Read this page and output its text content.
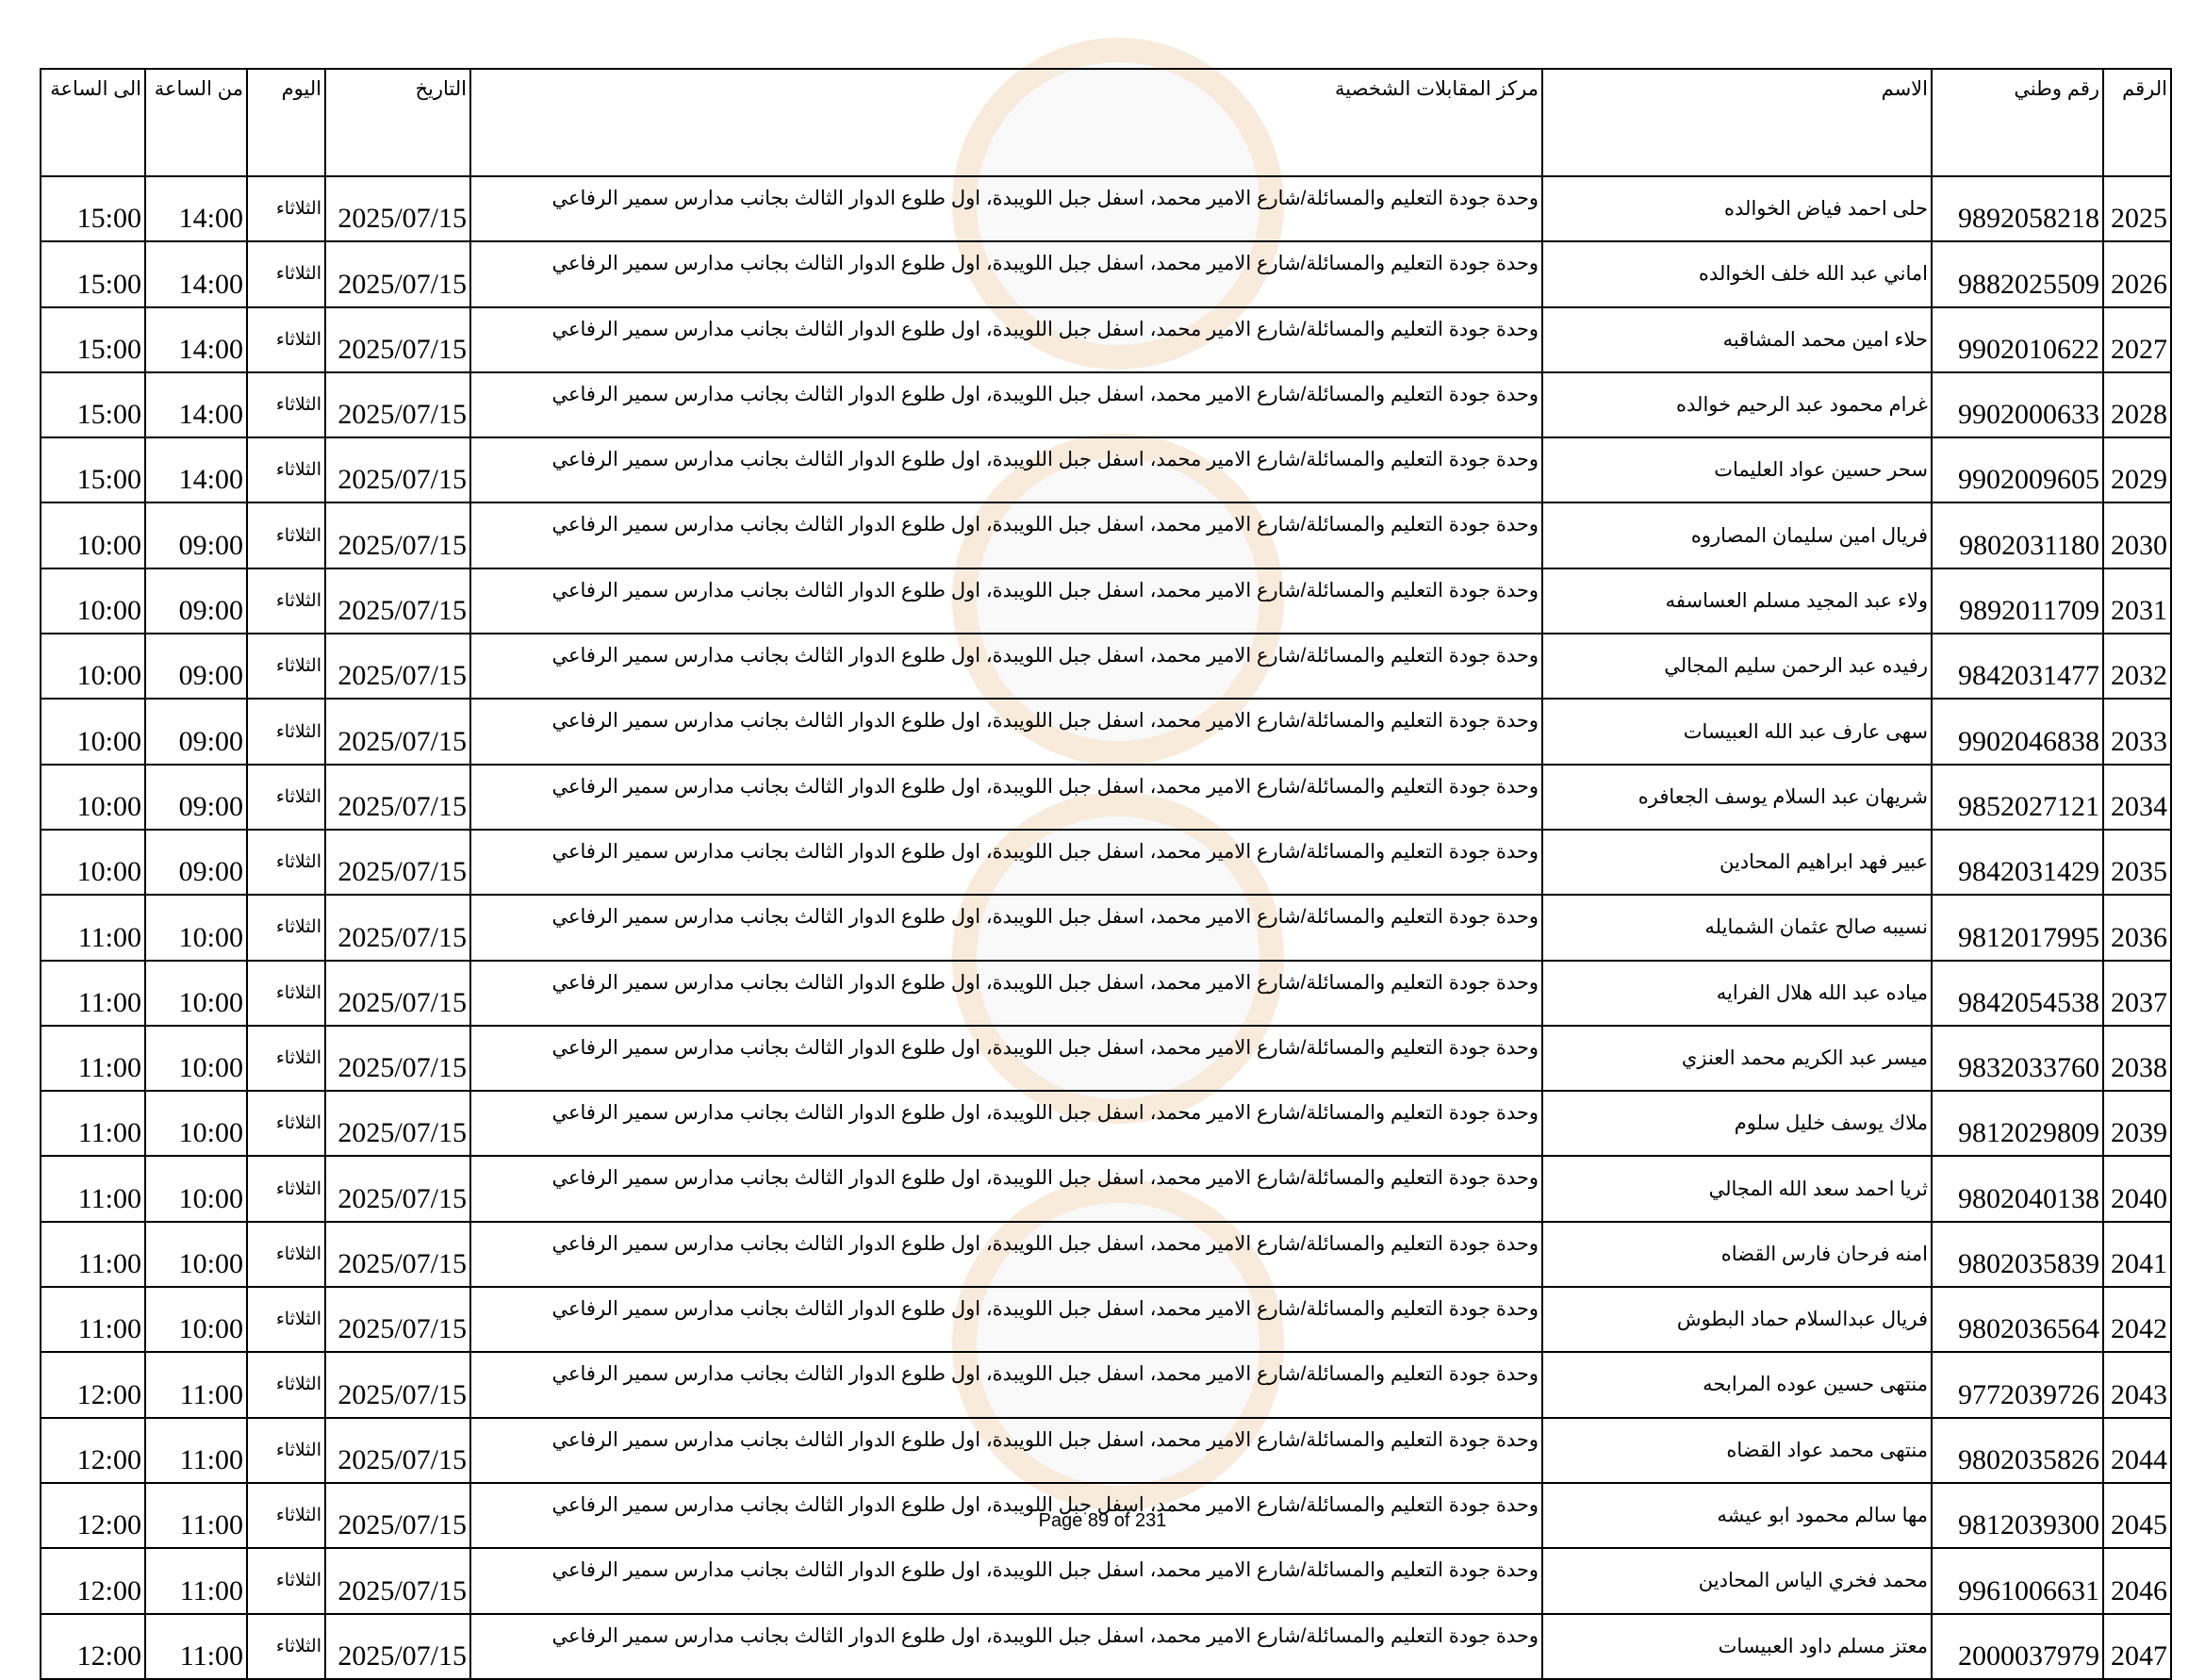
الرقم	رقم وطني	الاسم	مركز المقابلات الشخصية	التاريخ	اليوم	من الساعة	الى الساعة
2025	9892058218	حلى احمد فياض الخوالده	وحدة جودة التعليم والمسائلة/شارع الامير محمد، اسفل جبل اللويبدة، اول طلوع الدوار الثالث بجانب مدارس سمير الرفاعي	2025/07/15	الثلاثاء	14:00	15:00
2026	9882025509	اماني عبد الله خلف الخوالده	وحدة جودة التعليم والمسائلة/شارع الامير محمد، اسفل جبل اللويبدة، اول طلوع الدوار الثالث بجانب مدارس سمير الرفاعي	2025/07/15	الثلاثاء	14:00	15:00
2027	9902010622	حلاء امين محمد المشاقبه	وحدة جودة التعليم والمسائلة/شارع الامير محمد، اسفل جبل اللويبدة، اول طلوع الدوار الثالث بجانب مدارس سمير الرفاعي	2025/07/15	الثلاثاء	14:00	15:00
2028	9902000633	غرام محمود عبد الرحيم خوالده	وحدة جودة التعليم والمسائلة/شارع الامير محمد، اسفل جبل اللويبدة، اول طلوع الدوار الثالث بجانب مدارس سمير الرفاعي	2025/07/15	الثلاثاء	14:00	15:00
2029	9902009605	سحر حسين عواد العليمات	وحدة جودة التعليم والمسائلة/شارع الامير محمد، اسفل جبل اللويبدة، اول طلوع الدوار الثالث بجانب مدارس سمير الرفاعي	2025/07/15	الثلاثاء	14:00	15:00
2030	9802031180	فريال امين سليمان المصاروه	وحدة جودة التعليم والمسائلة/شارع الامير محمد، اسفل جبل اللويبدة، اول طلوع الدوار الثالث بجانب مدارس سمير الرفاعي	2025/07/15	الثلاثاء	09:00	10:00
2031	9892011709	ولاء عبد المجيد مسلم العساسفه	وحدة جودة التعليم والمسائلة/شارع الامير محمد، اسفل جبل اللويبدة، اول طلوع الدوار الثالث بجانب مدارس سمير الرفاعي	2025/07/15	الثلاثاء	09:00	10:00
2032	9842031477	رفيده عبد الرحمن سليم المجالي	وحدة جودة التعليم والمسائلة/شارع الامير محمد، اسفل جبل اللويبدة، اول طلوع الدوار الثالث بجانب مدارس سمير الرفاعي	2025/07/15	الثلاثاء	09:00	10:00
2033	9902046838	سهى عارف عبد الله العبيسات	وحدة جودة التعليم والمسائلة/شارع الامير محمد، اسفل جبل اللويبدة، اول طلوع الدوار الثالث بجانب مدارس سمير الرفاعي	2025/07/15	الثلاثاء	09:00	10:00
2034	9852027121	شريهان عبد السلام يوسف الجعافره	وحدة جودة التعليم والمسائلة/شارع الامير محمد، اسفل جبل اللويبدة، اول طلوع الدوار الثالث بجانب مدارس سمير الرفاعي	2025/07/15	الثلاثاء	09:00	10:00
2035	9842031429	عبير فهد ابراهيم المحادين	وحدة جودة التعليم والمسائلة/شارع الامير محمد، اسفل جبل اللويبدة، اول طلوع الدوار الثالث بجانب مدارس سمير الرفاعي	2025/07/15	الثلاثاء	09:00	10:00
2036	9812017995	نسيبه صالح عثمان الشمايله	وحدة جودة التعليم والمسائلة/شارع الامير محمد، اسفل جبل اللويبدة، اول طلوع الدوار الثالث بجانب مدارس سمير الرفاعي	2025/07/15	الثلاثاء	10:00	11:00
2037	9842054538	مياده عبد الله هلال الفرايه	وحدة جودة التعليم والمسائلة/شارع الامير محمد، اسفل جبل اللويبدة، اول طلوع الدوار الثالث بجانب مدارس سمير الرفاعي	2025/07/15	الثلاثاء	10:00	11:00
2038	9832033760	ميسر عبد الكريم محمد العنزي	وحدة جودة التعليم والمسائلة/شارع الامير محمد، اسفل جبل اللويبدة، اول طلوع الدوار الثالث بجانب مدارس سمير الرفاعي	2025/07/15	الثلاثاء	10:00	11:00
2039	9812029809	ملاك يوسف خليل سلوم	وحدة جودة التعليم والمسائلة/شارع الامير محمد، اسفل جبل اللويبدة، اول طلوع الدوار الثالث بجانب مدارس سمير الرفاعي	2025/07/15	الثلاثاء	10:00	11:00
2040	9802040138	ثريا احمد سعد الله المجالي	وحدة جودة التعليم والمسائلة/شارع الامير محمد، اسفل جبل اللويبدة، اول طلوع الدوار الثالث بجانب مدارس سمير الرفاعي	2025/07/15	الثلاثاء	10:00	11:00
2041	9802035839	امنه فرحان فارس القضاه	وحدة جودة التعليم والمسائلة/شارع الامير محمد، اسفل جبل اللويبدة، اول طلوع الدوار الثالث بجانب مدارس سمير الرفاعي	2025/07/15	الثلاثاء	10:00	11:00
2042	9802036564	فريال عبدالسلام حماد البطوش	وحدة جودة التعليم والمسائلة/شارع الامير محمد، اسفل جبل اللويبدة، اول طلوع الدوار الثالث بجانب مدارس سمير الرفاعي	2025/07/15	الثلاثاء	10:00	11:00
2043	9772039726	منتهى حسين عوده المرابحه	وحدة جودة التعليم والمسائلة/شارع الامير محمد، اسفل جبل اللويبدة، اول طلوع الدوار الثالث بجانب مدارس سمير الرفاعي	2025/07/15	الثلاثاء	11:00	12:00
2044	9802035826	منتهى محمد عواد القضاه	وحدة جودة التعليم والمسائلة/شارع الامير محمد، اسفل جبل اللويبدة، اول طلوع الدوار الثالث بجانب مدارس سمير الرفاعي	2025/07/15	الثلاثاء	11:00	12:00
2045	9812039300	مها سالم محمود ابو عيشه	وحدة جودة التعليم والمسائلة/شارع الامير محمد، اسفل جبل اللويبدة، اول طلوع الدوار الثالث بجانب مدارس سمير الرفاعي	2025/07/15	الثلاثاء	11:00	12:00
2046	9961006631	محمد فخري الياس المحادين	وحدة جودة التعليم والمسائلة/شارع الامير محمد، اسفل جبل اللويبدة، اول طلوع الدوار الثالث بجانب مدارس سمير الرفاعي	2025/07/15	الثلاثاء	11:00	12:00
2047	2000037979	معتز مسلم داود العبيسات	وحدة جودة التعليم والمسائلة/شارع الامير محمد، اسفل جبل اللويبدة، اول طلوع الدوار الثالث بجانب مدارس سمير الرفاعي	2025/07/15	الثلاثاء	11:00	12:00
Page 89 of 231
